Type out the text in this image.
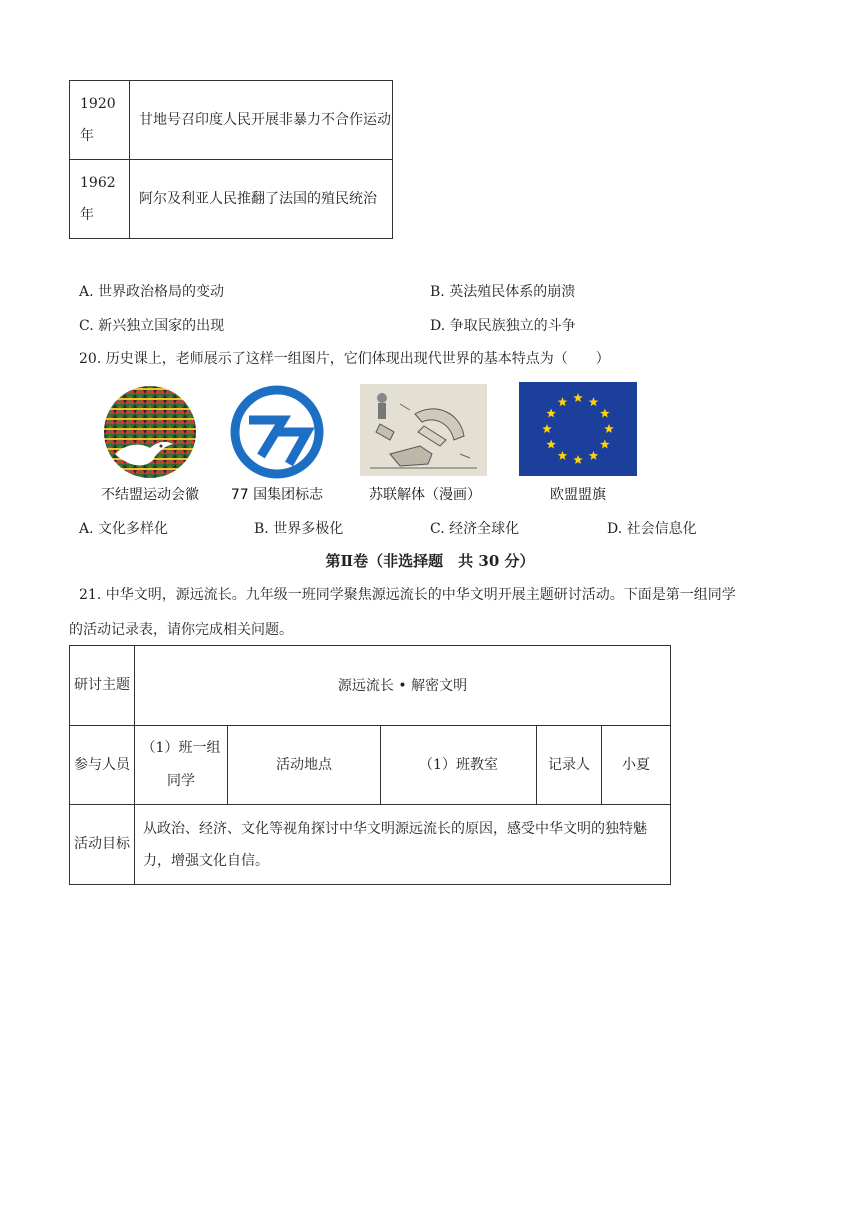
1920年	甘地号召印度人民开展非暴力不合作运动
1962年	阿尔及利亚人民推翻了法国的殖民统治
A. 世界政治格局的变动	B. 英法殖民体系的崩溃
C. 新兴独立国家的出现	D. 争取民族独立的斗争
20. 历史课上，老师展示了这样一组图片，它们体现出现代世界的基本特点为（　　）
不结盟运动会徽	77 国集团标志	苏联解体（漫画）	欧盟盟旗
A. 文化多样化	B. 世界多极化	C. 经济全球化	D. 社会信息化
第Ⅱ卷（非选择题　共 30 分）
21. 中华文明，源远流长。九年级一班同学聚焦源远流长的中华文明开展主题研讨活动。下面是第一组同学
的活动记录表，请你完成相关问题。
研讨主题	源远流长 • 解密文明				
参与人员	（1）班一组同学	活动地点	（1）班教室	记录人	小夏
活动目标	从政治、经济、文化等视角探讨中华文明源远流长的原因，感受中华文明的独特魅力，增强文化自信。				
